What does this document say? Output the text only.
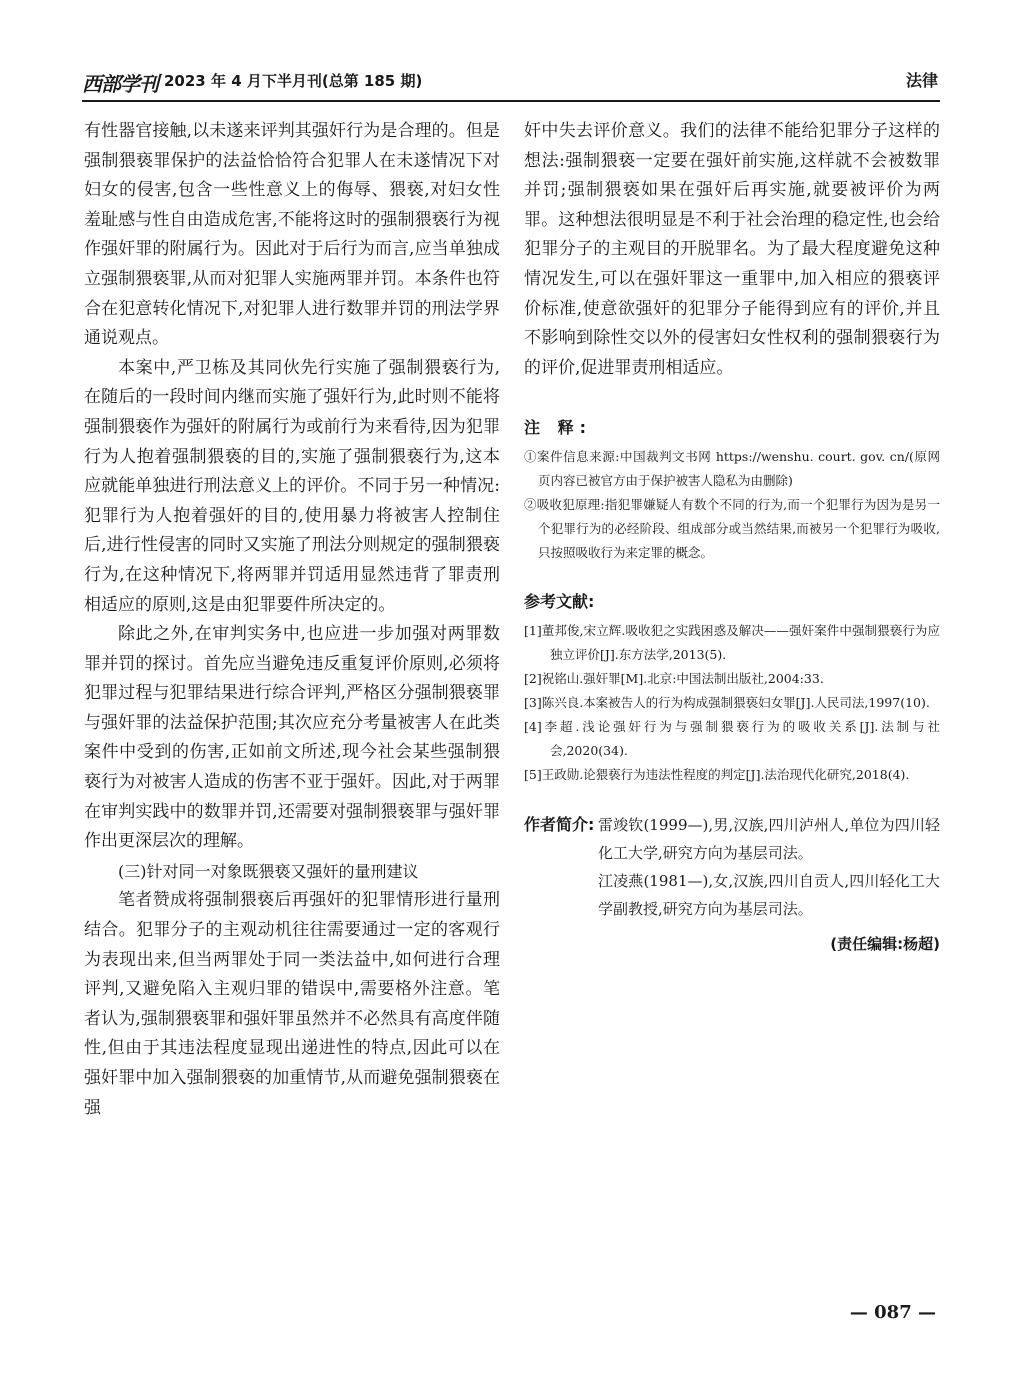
西部学刊 2023 年 4 月下半月刊(总第 185 期)	法律

有性器官接触,以未遂来评判其强奸行为是合理的。但是强制猥亵罪保护的法益恰恰符合犯罪人在未遂情况下对妇女的侵害,包含一些性意义上的侮辱、猥亵,对妇女性羞耻感与性自由造成危害,不能将这时的强制猥亵行为视作强奸罪的附属行为。因此对于后行为而言,应当单独成立强制猥亵罪,从而对犯罪人实施两罪并罚。本条件也符合在犯意转化情况下,对犯罪人进行数罪并罚的刑法学界通说观点。

本案中,严卫栋及其同伙先行实施了强制猥亵行为,在随后的一段时间内继而实施了强奸行为,此时则不能将强制猥亵作为强奸的附属行为或前行为来看待,因为犯罪行为人抱着强制猥亵的目的,实施了强制猥亵行为,这本应就能单独进行刑法意义上的评价。不同于另一种情况:犯罪行为人抱着强奸的目的,使用暴力将被害人控制住后,进行性侵害的同时又实施了刑法分则规定的强制猥亵行为,在这种情况下,将两罪并罚适用显然违背了罪责刑相适应的原则,这是由犯罪要件所决定的。

除此之外,在审判实务中,也应进一步加强对两罪数罪并罚的探讨。首先应当避免违反重复评价原则,必须将犯罪过程与犯罪结果进行综合评判,严格区分强制猥亵罪与强奸罪的法益保护范围;其次应充分考量被害人在此类案件中受到的伤害,正如前文所述,现今社会某些强制猥亵行为对被害人造成的伤害不亚于强奸。因此,对于两罪在审判实践中的数罪并罚,还需要对强制猥亵罪与强奸罪作出更深层次的理解。

(三)针对同一对象既猥亵又强奸的量刑建议

笔者赞成将强制猥亵后再强奸的犯罪情形进行量刑结合。犯罪分子的主观动机往往需要通过一定的客观行为表现出来,但当两罪处于同一类法益中,如何进行合理评判,又避免陷入主观归罪的错误中,需要格外注意。笔者认为,强制猥亵罪和强奸罪虽然并不必然具有高度伴随性,但由于其违法程度显现出递进性的特点,因此可以在强奸罪中加入强制猥亵的加重情节,从而避免强制猥亵在强

奸中失去评价意义。我们的法律不能给犯罪分子这样的想法:强制猥亵一定要在强奸前实施,这样就不会被数罪并罚;强制猥亵如果在强奸后再实施,就要被评价为两罪。这种想法很明显是不利于社会治理的稳定性,也会给犯罪分子的主观目的开脱罪名。为了最大程度避免这种情况发生,可以在强奸罪这一重罪中,加入相应的猥亵评价标准,使意欲强奸的犯罪分子能得到应有的评价,并且不影响到除性交以外的侵害妇女性权利的强制猥亵行为的评价,促进罪责刑相适应。

注 释:

①案件信息来源:中国裁判文书网 https://wenshu. court. gov. cn/(原网页内容已被官方由于保护被害人隐私为由删除)

②吸收犯原理:指犯罪嫌疑人有数个不同的行为,而一个犯罪行为因为是另一个犯罪行为的必经阶段、组成部分或当然结果,而被另一个犯罪行为吸收,只按照吸收行为来定罪的概念。

参考文献:

[1]董邦俊,宋立辉.吸收犯之实践困惑及解决——强奸案件中强制猥亵行为应独立评价[J].东方法学,2013(5).

[2]祝铭山.强奸罪[M].北京:中国法制出版社,2004:33.

[3]陈兴良.本案被告人的行为构成强制猥亵妇女罪[J].人民司法,1997(10).

[4]李超.浅论强奸行为与强制猥亵行为的吸收关系[J].法制与社会,2020(34).

[5]王政勋.论猥亵行为违法性程度的判定[J].法治现代化研究,2018(4).

作者简介: 雷竣钦(1999—),男,汉族,四川泸州人,单位为四川轻化工大学,研究方向为基层司法。

江凌燕(1981—),女,汉族,四川自贡人,四川轻化工大学副教授,研究方向为基层司法。

(责任编辑:杨超)
— 087 —
